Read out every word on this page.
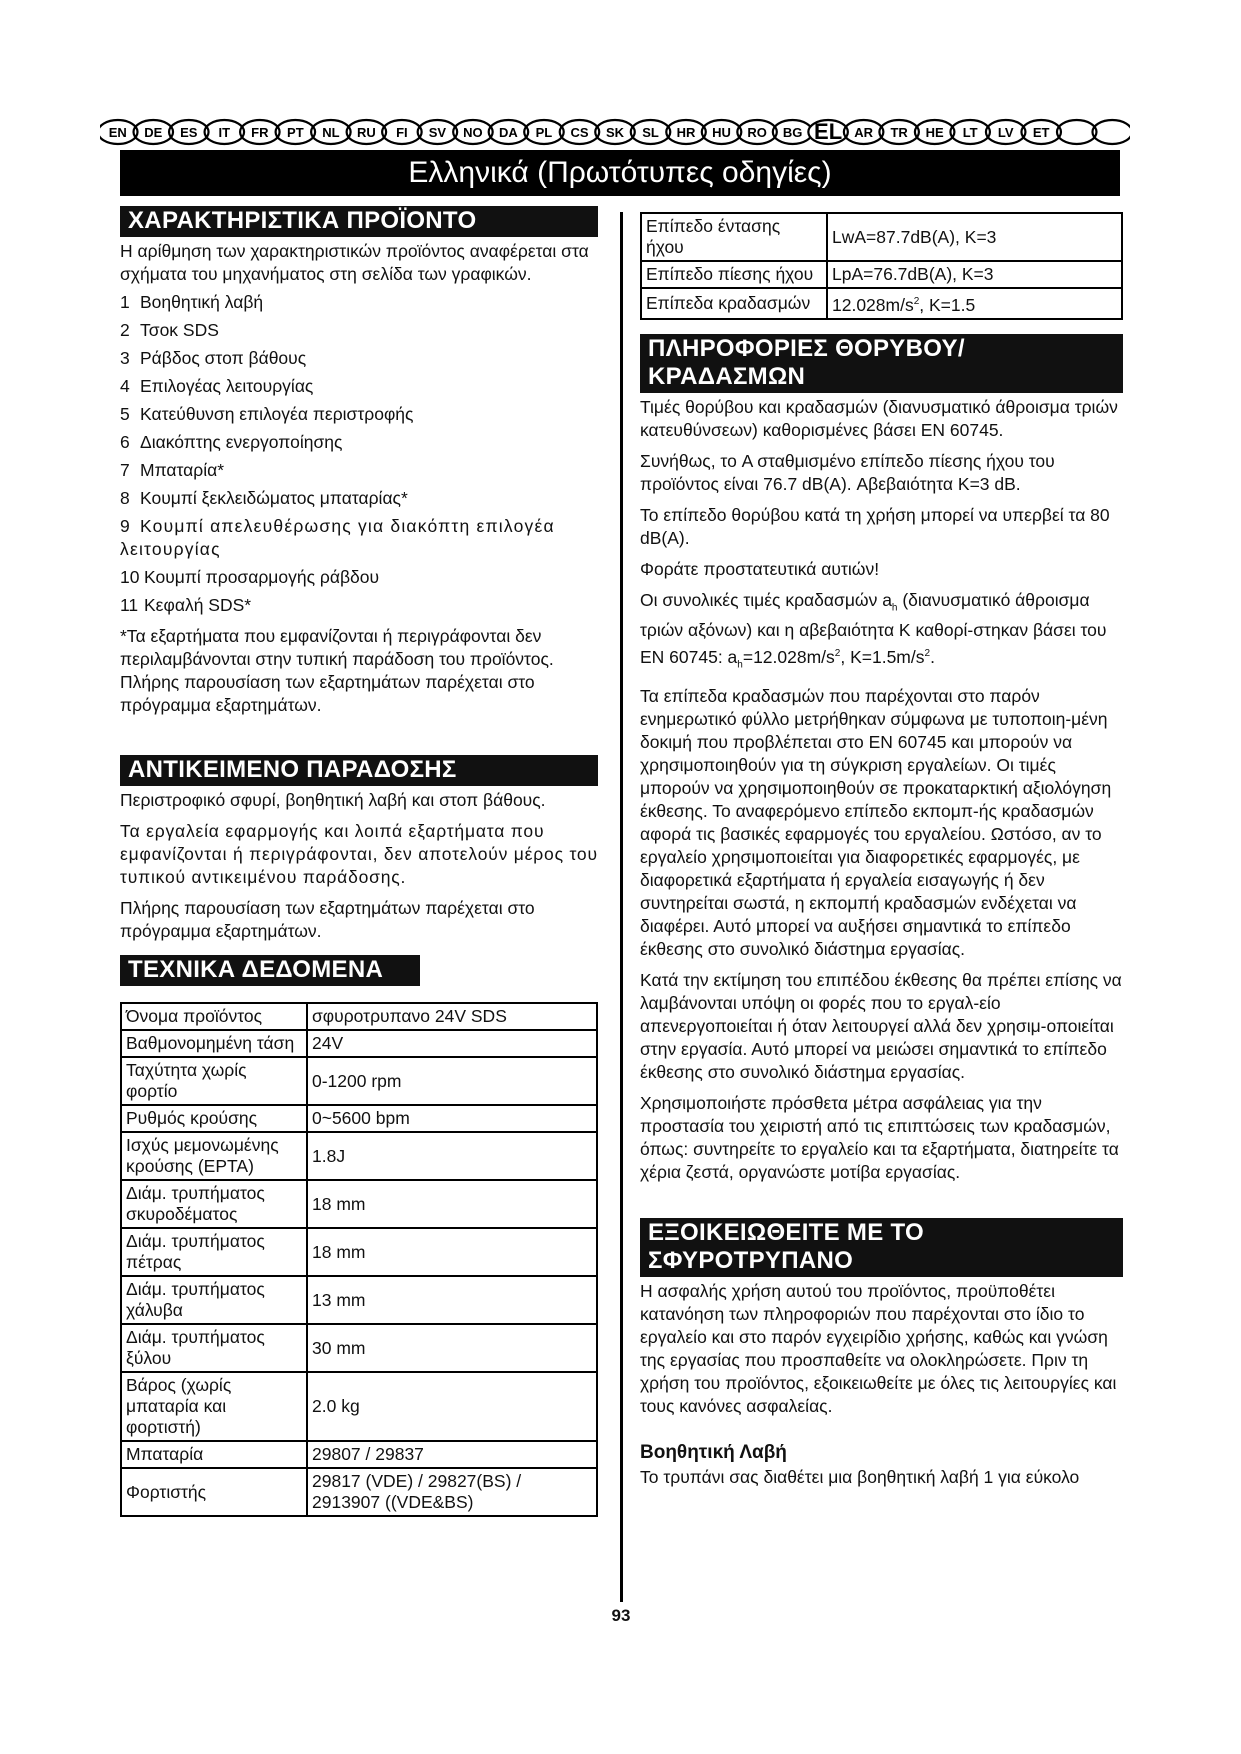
EN DE ES IT FR PT NL RU FI SV NO DA PL CS SK SL HR HU RO BG EL AR TR HE LT LV ET
Ελληνικά (Πρωτότυπες οδηγίες)
ΧΑΡΑΚΤΗΡΙΣΤΙΚΑ ΠΡΟΪΟΝΤΟ
Η αρίθμηση των χαρακτηριστικών προϊόντος αναφέρεται στα σχήματα του μηχανήματος στη σελίδα των γραφικών.
1 Βοηθητική λαβή
2 Τσοκ SDS
3 Ράβδος στοπ βάθους
4 Επιλογέας λειτουργίας
5 Κατεύθυνση επιλογέα περιστροφής
6 Διακόπτης ενεργοποίησης
7 Μπαταρία*
8 Κουμπί ξεκλειδώματος μπαταρίας*
9 Κουμπί απελευθέρωσης για διακόπτη επιλογέα λειτουργίας
10 Κουμπί προσαρμογής ράβδου
11 Κεφαλή SDS*
*Τα εξαρτήματα που εμφανίζονται ή περιγράφονται δεν περιλαμβάνονται στην τυπική παράδοση του προϊόντος.
Πλήρης παρουσίαση των εξαρτημάτων παρέχεται στο πρόγραμμα εξαρτημάτων.
ΑΝΤΙΚΕΙΜΕΝΟ ΠΑΡΑΔΟΣΗΣ
Περιστροφικό σφυρί, βοηθητική λαβή και στοπ βάθους.
Τα εργαλεία εφαρμογής και λοιπά εξαρτήματα που εμφανίζονται ή περιγράφονται, δεν αποτελούν μέρος του τυπικού αντικειμένου παράδοσης.
Πλήρης παρουσίαση των εξαρτημάτων παρέχεται στο πρόγραμμα εξαρτημάτων.
ΤΕΧΝΙΚΑ ΔΕΔΟΜΕΝΑ
Όνομα προϊόντος	σφυροτρυπανο 24V SDS
Βαθμονομημένη τάση	24V
Ταχύτητα χωρίς φορτίο	0-1200 rpm
Ρυθμός κρούσης	0~5600 bpm
Ισχύς μεμονωμένης κρούσης (EPTA)	1.8J
Διάμ. τρυπήματος σκυροδέματος	18 mm
Διάμ. τρυπήματος πέτρας	18 mm
Διάμ. τρυπήματος χάλυβα	13 mm
Διάμ. τρυπήματος ξύλου	30 mm
Βάρος (χωρίς μπαταρία και φορτιστή)	2.0 kg
Μπαταρία	29807 / 29837
Φορτιστής	29817 (VDE) / 29827(BS) / 2913907 ((VDE&BS)
Επίπεδο έντασης ήχου	LwA=87.7dB(A), K=3
Επίπεδο πίεσης ήχου	LpA=76.7dB(A), K=3
Επίπεδα κραδασμών	$12.028m/s^2$, K=1.5
ΠΛΗΡΟΦΟΡΙΕΣ ΘΟΡΥΒΟΥ/
ΚΡΑΔΑΣΜΩΝ
Τιμές θορύβου και κραδασμών (διανυσματικό άθροισμα τριών κατευθύνσεων) καθορισμένες βάσει EN 60745.
Συνήθως, το A σταθμισμένο επίπεδο πίεσης ήχου του προϊόντος είναι 76.7 dB(A). Αβεβαιότητα K=3 dB.
Το επίπεδο θορύβου κατά τη χρήση μπορεί να υπερβεί τα 80 dB(A).
Φοράτε προστατευτικά αυτιών!
Οι συνολικές τιμές κραδασμών $a_h$ (διανυσματικό άθροισμα τριών αξόνων) και η αβεβαιότητα K καθορί-στηκαν βάσει του EN 60745: $a_h=12.028m/s^2$, $K=1.5m/s^2$.
Τα επίπεδα κραδασμών που παρέχονται στο παρόν ενημερωτικό φύλλο μετρήθηκαν σύμφωνα με τυποποιη-μένη δοκιμή που προβλέπεται στο EN 60745 και μπορούν να χρησιμοποιηθούν για τη σύγκριση εργαλείων. Οι τιμές μπορούν να χρησιμοποιηθούν σε προκαταρκτική αξιολόγηση έκθεσης. Το αναφερόμενο επίπεδο εκπομπ-ής κραδασμών αφορά τις βασικές εφαρμογές του εργαλείου. Ωστόσο, αν το εργαλείο χρησιμοποιείται για διαφορετικές εφαρμογές, με διαφορετικά εξαρτήματα ή εργαλεία εισαγωγής ή δεν συντηρείται σωστά, η εκπομπή κραδασμών ενδέχεται να διαφέρει. Αυτό μπορεί να αυξήσει σημαντικά το επίπεδο έκθεσης στο συνολικό διάστημα εργασίας.
Κατά την εκτίμηση του επιπέδου έκθεσης θα πρέπει επίσης να λαμβάνονται υπόψη οι φορές που το εργαλ-είο απενεργοποιείται ή όταν λειτουργεί αλλά δεν χρησιμ-οποιείται στην εργασία. Αυτό μπορεί να μειώσει σημαντικά το επίπεδο έκθεσης στο συνολικό διάστημα εργασίας.
Χρησιμοποιήστε πρόσθετα μέτρα ασφάλειας για την προστασία του χειριστή από τις επιπτώσεις των κραδασμών, όπως: συντηρείτε το εργαλείο και τα εξαρτήματα, διατηρείτε τα χέρια ζεστά, οργανώστε μοτίβα εργασίας.
ΕΞΟΙΚΕΙΩΘΕΙΤΕ ΜΕ ΤΟ
ΣΦΥΡΟΤΡΥΠΑΝΟ
Η ασφαλής χρήση αυτού του προϊόντος, προϋποθέτει κατανόηση των πληροφοριών που παρέχονται στο ίδιο το εργαλείο και στο παρόν εγχειρίδιο χρήσης, καθώς και γνώση της εργασίας που προσπαθείτε να ολοκληρώσετε. Πριν τη χρήση του προϊόντος, εξοικειωθείτε με όλες τις λειτουργίες και τους κανόνες ασφαλείας.
Βοηθητική Λαβή
Το τρυπάνι σας διαθέτει μια βοηθητική λαβή 1 για εύκολο
93
